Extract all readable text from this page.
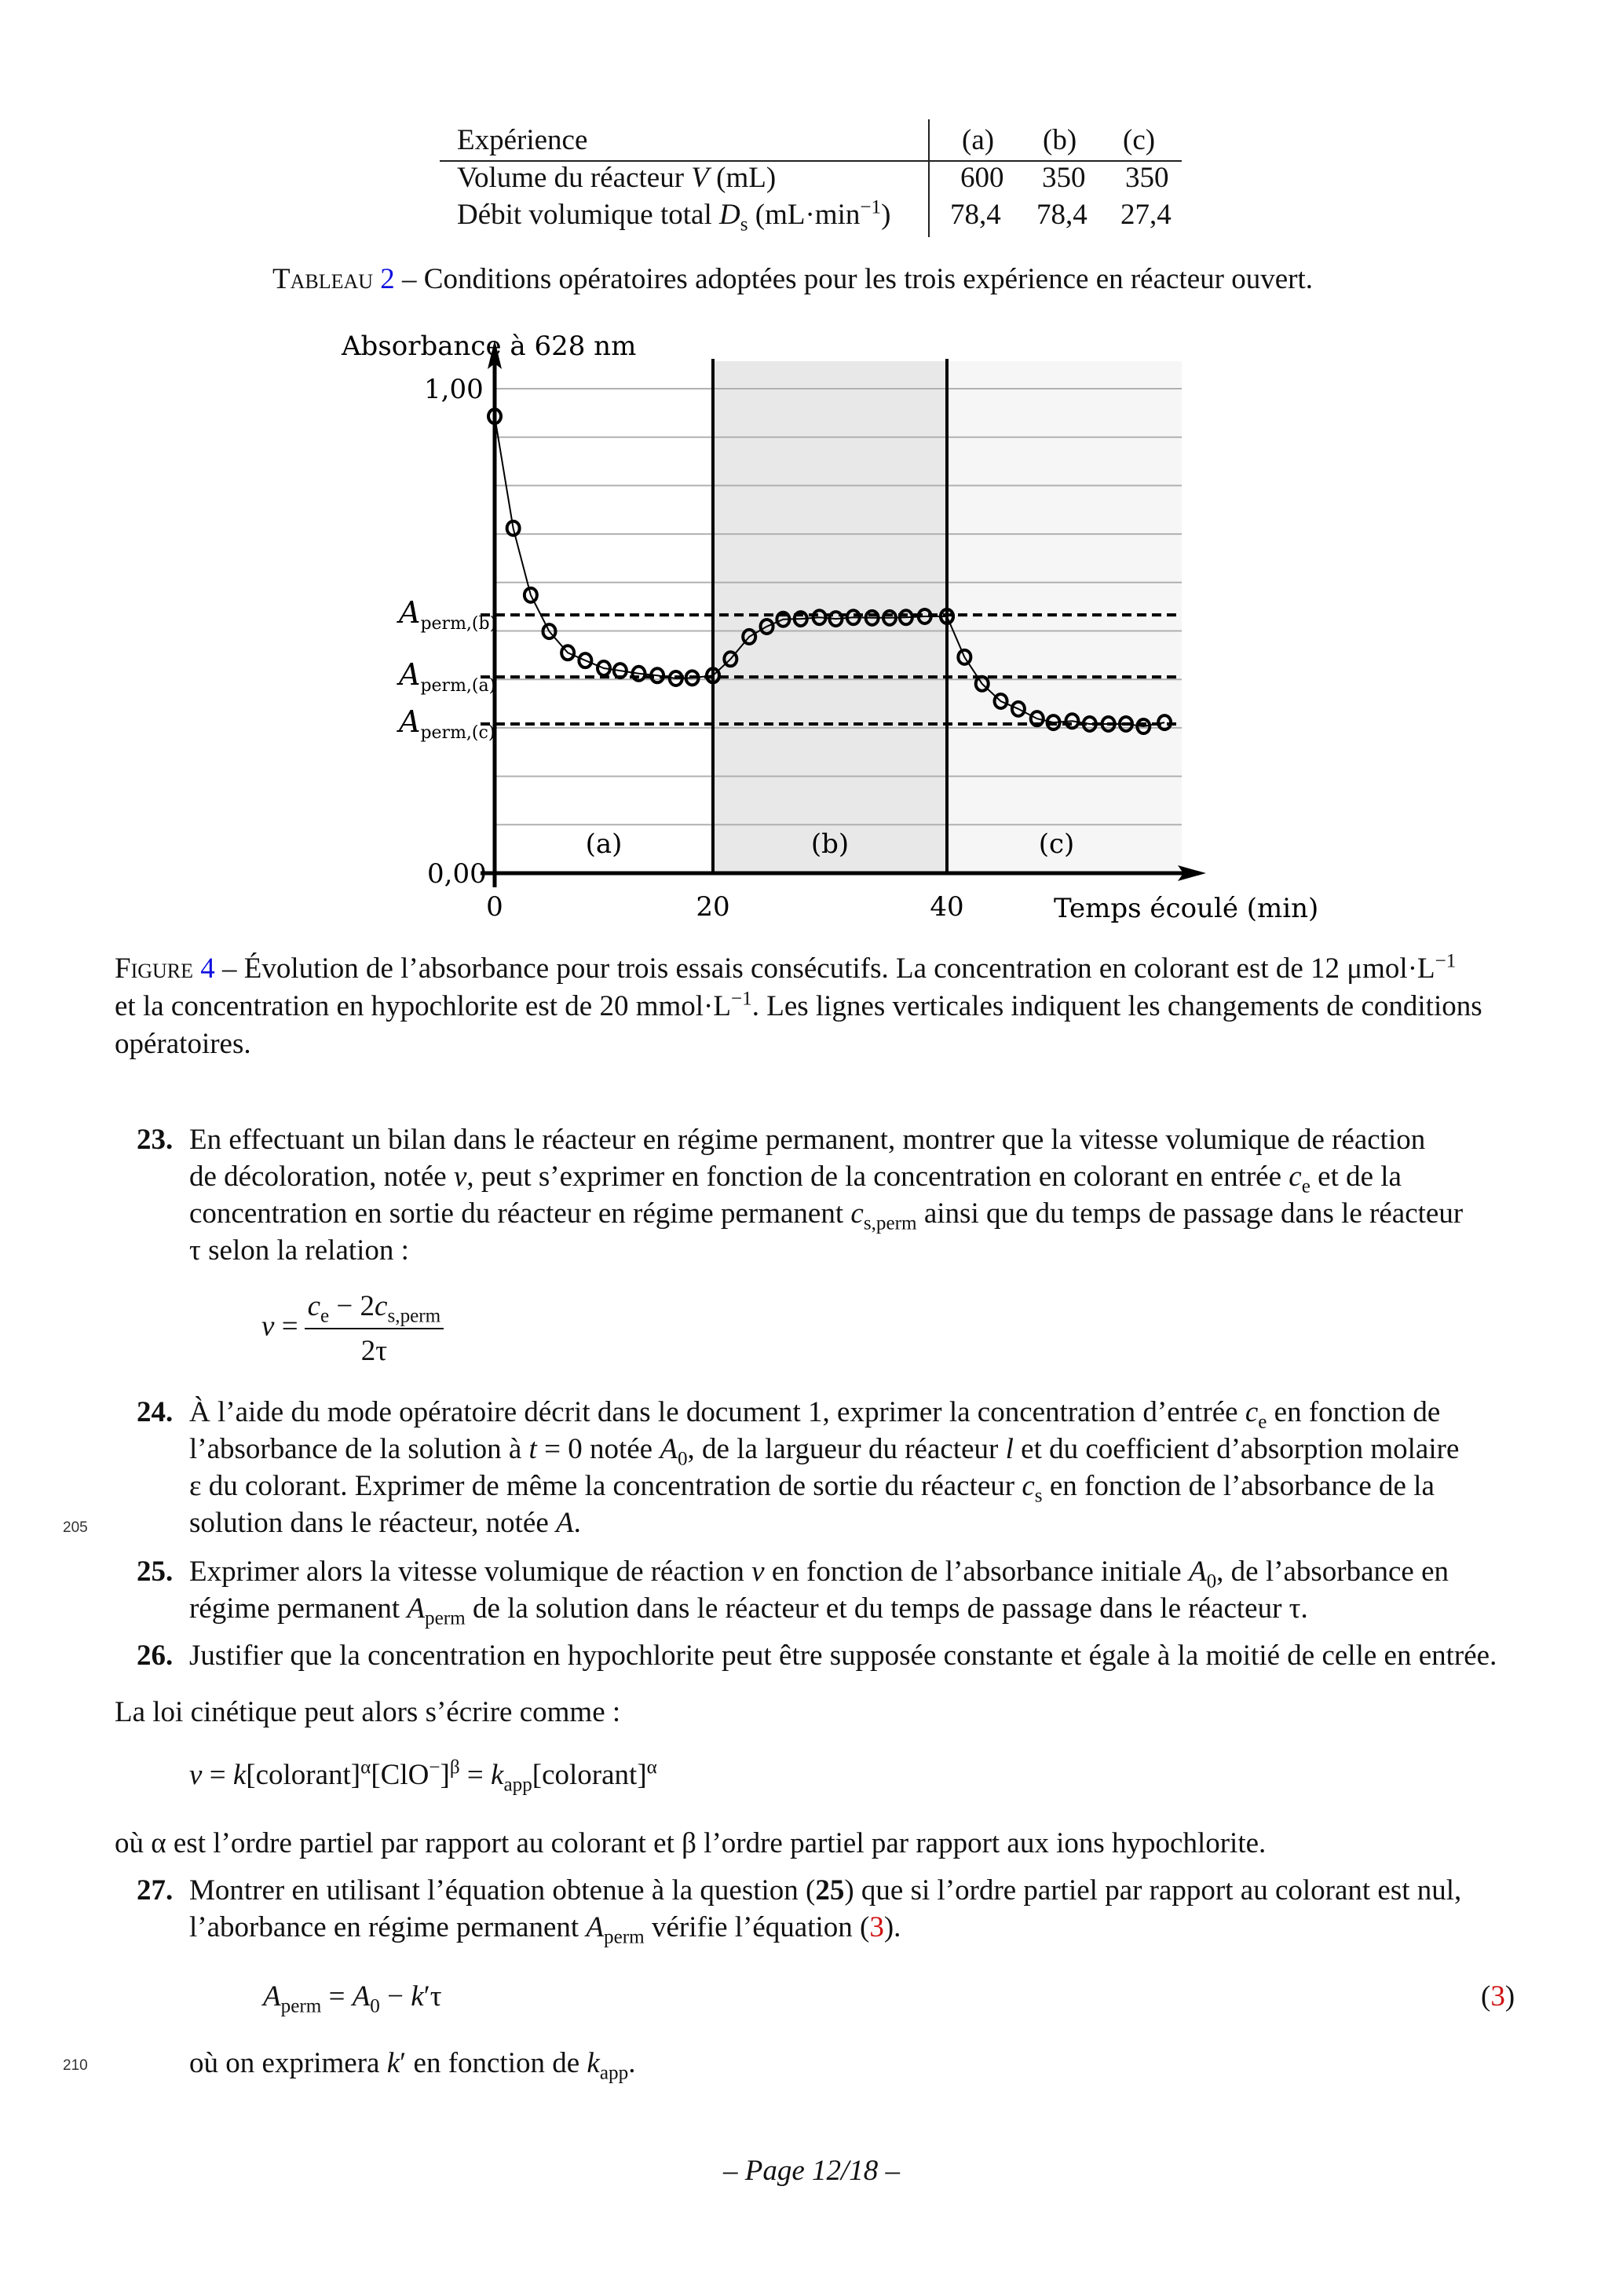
Expérience	(a) (b) (c)
Volume du réacteur V (mL)	600 350 350
Débit volumique total $D_s$ $(mL\cdot\min^{-1})$ 78,4 78,4 27,4
Tableau 2 – Conditions opératoires adoptées pour les trois expérience en réacteur ouvert.
$A_{perm,(b)}$
$A_{perm,(a)}$
$A_{perm,(c)}$
1,00
0,00
0	20	40
Absorbance à 628 nm
Temps écoulé (min)
(a)	(b)	(c)
Figure 4 – Évolution de l’absorbance pour trois essais consécutifs. La concentration en colorant est de 12 $\mu mol\cdot L^{-1}$
et la concentration en hypochlorite est de 20 $mmol\cdot L^{-1}$. Les lignes verticales indiquent les changements de conditions
opératoires.
23. En effectuant un bilan dans le réacteur en régime permanent, montrer que la vitesse volumique de réaction
de décoloration, notée v, peut s’exprimer en fonction de la concentration en colorant en entrée $c_e$ et de la
concentration en sortie du réacteur en régime permanent $c_{s,perm}$ ainsi que du temps de passage dans le réacteur
τ selon la relation :
$v = \frac{c_e - 2c_{s,perm}}{2\tau}$
24. À l’aide du mode opératoire décrit dans le document 1, exprimer la concentration d’entrée $c_e$ en fonction de
l’absorbance de la solution à t = 0 notée $A_0$, de la largueur du réacteur l et du coefficient d’absorption molaire
ε du colorant. Exprimer de même la concentration de sortie du réacteur $c_s$ en fonction de l’absorbance de la
solution dans le réacteur, notée A.
205
25. Exprimer alors la vitesse volumique de réaction v en fonction de l’absorbance initiale $A_0$, de l’absorbance en
régime permanent $A_{perm}$ de la solution dans le réacteur et du temps de passage dans le réacteur τ.
26. Justifier que la concentration en hypochlorite peut être supposée constante et égale à la moitié de celle en entrée.
La loi cinétique peut alors s’écrire comme :
$v = k[colorant]^\alpha[ClO^-]^\beta$ = $k_{app}[colorant]^\alpha$
où α est l’ordre partiel par rapport au colorant et β l’ordre partiel par rapport aux ions hypochlorite.
27. Montrer en utilisant l’équation obtenue à la question (25) que si l’ordre partiel par rapport au colorant est nul,
l’aborbance en régime permanent $A_{perm}$ vérifie l’équation (3).
$A_{perm} = A_0 - k'\tau$	(3)
210	où on exprimera k′ en fonction de $k_{app}$.
– Page 12/18 –
